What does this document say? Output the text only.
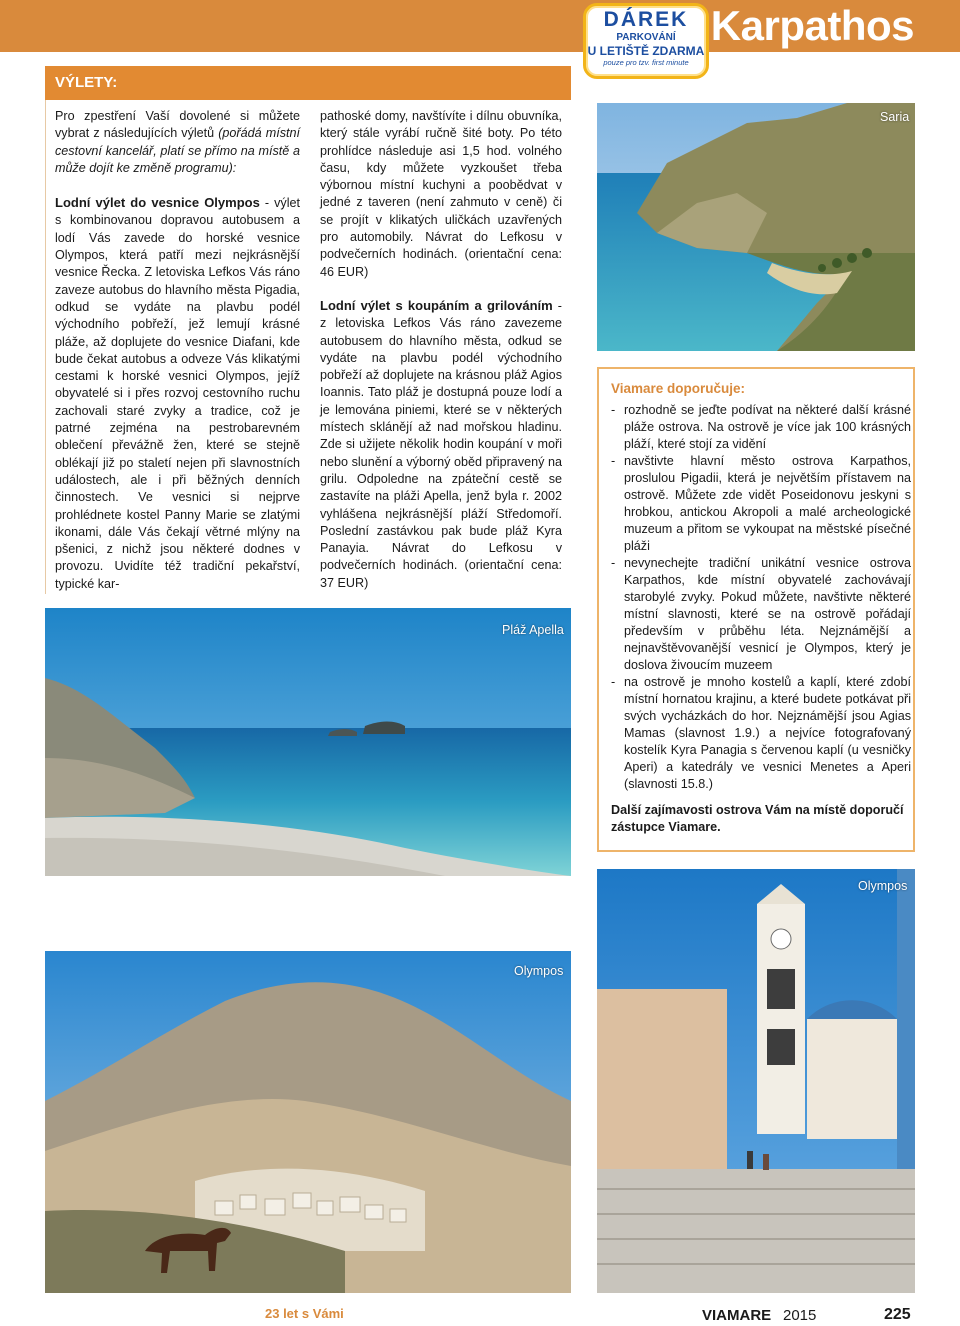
Karpathos
DÁREK
PARKOVÁNÍ
U LETIŠTĚ ZDARMA
pouze pro tzv. first minute
VÝLETY:

Pro zpestření Vaší dovolené si můžete vybrat z následujících výletů (pořádá místní cestovní kancelář, platí se přímo na místě a může dojít ke změně programu):

Lodní výlet do vesnice Olympos - výlet s kombinovanou dopravou autobusem a lodí Vás zavede do horské vesnice Olympos, která patří mezi nejkrásnější vesnice Řecka. Z letoviska Lefkos Vás ráno zaveze autobus do hlavního města Pigadia, odkud se vydáte na plavbu podél východního pobřeží, jež lemují krásné pláže, až doplujete do vesnice Diafani, kde bude čekat autobus a odveze Vás klikatými cestami k horské vesnici Olympos, jejíž obyvatelé si i přes rozvoj cestovního ruchu zachovali staré zvyky a tradice, což je patrné zejména na pestrobarevném oblečení převážně žen, které se stejně oblékají již po staletí nejen při slavnostních událostech, ale i při běžných denních činnostech. Ve vesnici si nejprve prohlédnete kostel Panny Marie se zlatými ikonami, dále Vás čekají větrné mlýny na pšenici, z nichž jsou některé dodnes v provozu. Uvidíte též tradiční pekařství, typické kar-

pathoské domy, navštívíte i dílnu obuvníka, který stále vyrábí ručně šité boty. Po této prohlídce následuje asi 1,5 hod. volného času, kdy můžete vyzkoušet třeba výbornou místní kuchyni a poobědvat v jedné z taveren (není zahmuto v ceně) či se projít v klikatých uličkách uzavřených pro automobily. Návrat do Lefkosu v podvečerních hodinách. (orientační cena: 46 EUR)

Lodní výlet s koupáním a grilováním - z letoviska Lefkos Vás ráno zavezeme autobusem do hlavního města, odkud se vydáte na plavbu podél východního pobřeží až doplujete na krásnou pláž Agios Ioannis. Tato pláž je dostupná pouze lodí a je lemována piniemi, které se v některých místech sklánějí až nad mořskou hladinu. Zde si užijete několik hodin koupání v moři nebo slunění a výborný oběd připravený na grilu. Odpoledne na zpáteční cestě se zastavíte na pláži Apella, jenž byla r. 2002 vyhlášena nejkrásnější pláží Středomoří. Poslední zastávkou pak bude pláž Kyra Panayia. Návrat do Lefkosu v podvečerních hodinách. (orientační cena: 37 EUR)

Saria
Pláž Apella
Viamare doporučuje:
- rozhodně se jeďte podívat na některé další krásné pláže ostrova. Na ostrově je více jak 100 krásných pláží, které stojí za vidění
- navštivte hlavní město ostrova Karpathos, proslulou Pigadii, která je největším přístavem na ostrově. Můžete zde vidět Poseidonovu jeskyni s hrobkou, antickou Akropoli a malé archeologické muzeum a přitom se vykoupat na městské písečné pláži
- nevynechejte tradiční unikátní vesnice ostrova Karpathos, kde místní obyvatelé zachovávají starobylé zvyky. Pokud můžete, navštivte některé místní slavnosti, které se na ostrově pořádají především v průběhu léta. Nejznámější a nejnavštěvovanější vesnicí je Olympos, který je doslova živoucím muzeem
- na ostrově je mnoho kostelů a kaplí, které zdobí místní hornatou krajinu, a které budete potkávat při svých vycházkách do hor. Nejznámější jsou Agias Mamas (slavnost 1.9.) a nejvíce fotografovaný kostelík Kyra Panagia s červenou kaplí (u vesničky Aperi) a katedrály ve vesnici Menetes a Aperi (slavnosti 15.8.)
Další zajímavosti ostrova Vám na místě doporučí zástupce Viamare.
Olympos
Olympos
23 let s Vámi	VIAMARE 2015	225
